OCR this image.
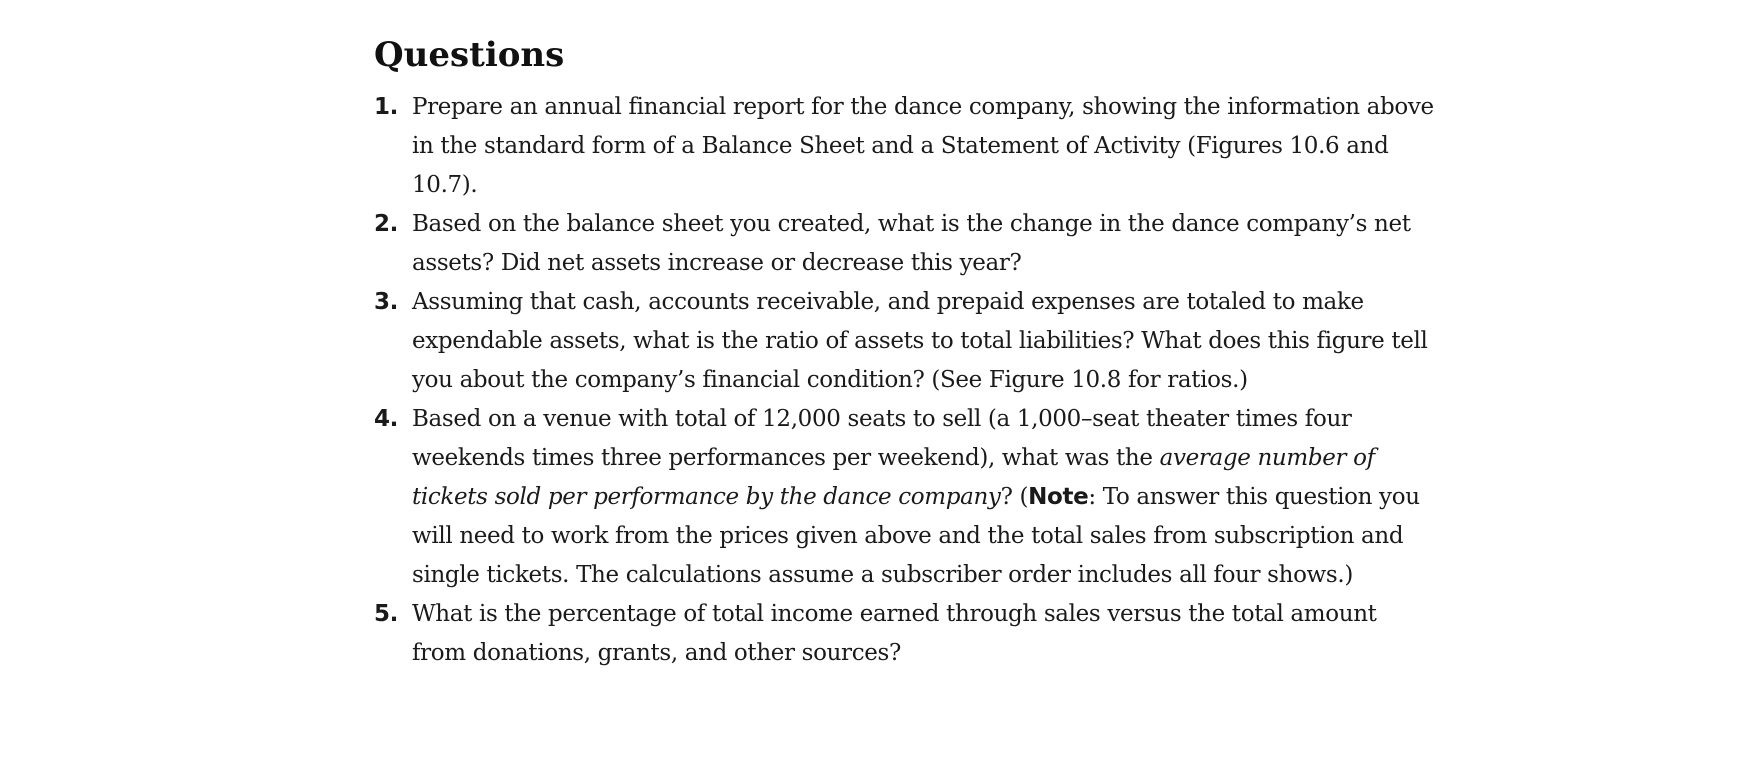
Questions
1. Prepare an annual financial report for the dance company, showing the information above in the standard form of a Balance Sheet and a Statement of Activity (Figures 10.6 and 10.7).
2. Based on the balance sheet you created, what is the change in the dance company’s net assets? Did net assets increase or decrease this year?
3. Assuming that cash, accounts receivable, and prepaid expenses are totaled to make expendable assets, what is the ratio of assets to total liabilities? What does this figure tell you about the company’s financial condition? (See Figure 10.8 for ratios.)
4. Based on a venue with total of 12,000 seats to sell (a 1,000–seat theater times four weekends times three performances per weekend), what was the average number of tickets sold per performance by the dance company? (Note: To answer this question you will need to work from the prices given above and the total sales from subscription and single tickets. The calculations assume a subscriber order includes all four shows.)
5. What is the percentage of total income earned through sales versus the total amount from donations, grants, and other sources?
